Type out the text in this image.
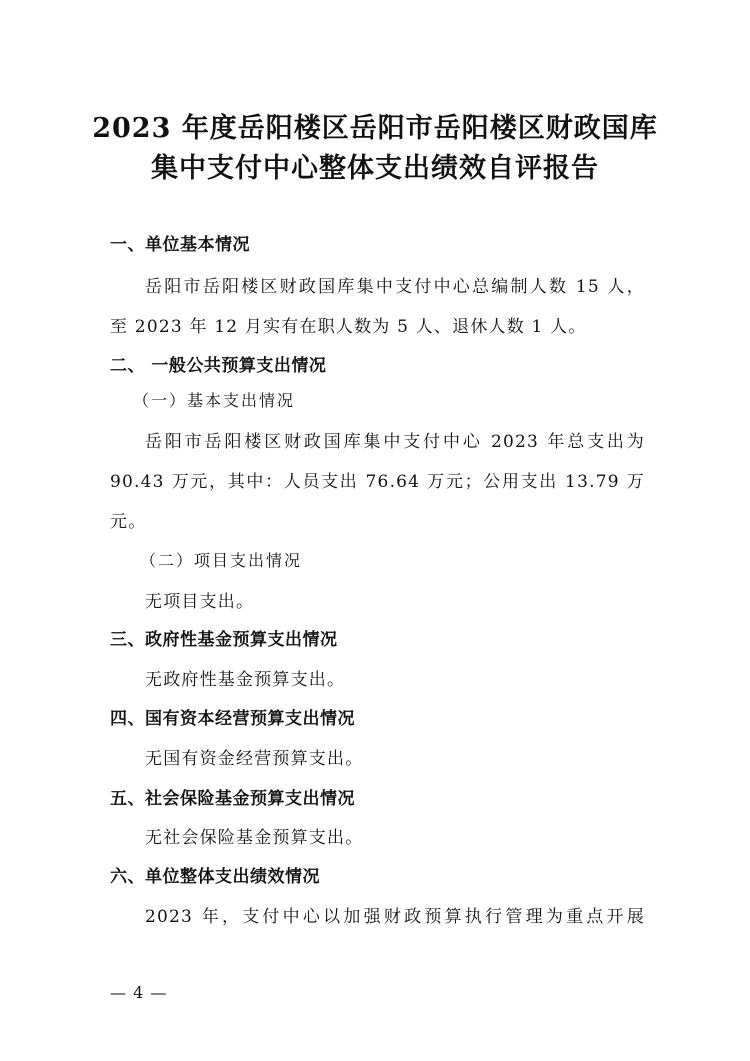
2023 年度岳阳楼区岳阳市岳阳楼区财政国库
集中支付中心整体支出绩效自评报告

一、单位基本情况

岳阳市岳阳楼区财政国库集中支付中心总编制人数 15 人，

至 2023 年 12 月实有在职人数为 5 人、退休人数 1 人。

二、 一般公共预算支出情况

（一）基本支出情况

岳阳市岳阳楼区财政国库集中支付中心 2023 年总支出为

90.43 万元，其中：人员支出 76.64 万元；公用支出 13.79 万

元。

（二）项目支出情况

无项目支出。

三、政府性基金预算支出情况

无政府性基金预算支出。

四、国有资本经营预算支出情况

无国有资金经营预算支出。

五、社会保险基金预算支出情况

无社会保险基金预算支出。

六、单位整体支出绩效情况

2023 年，支付中心以加强财政预算执行管理为重点开展

— 4 —
